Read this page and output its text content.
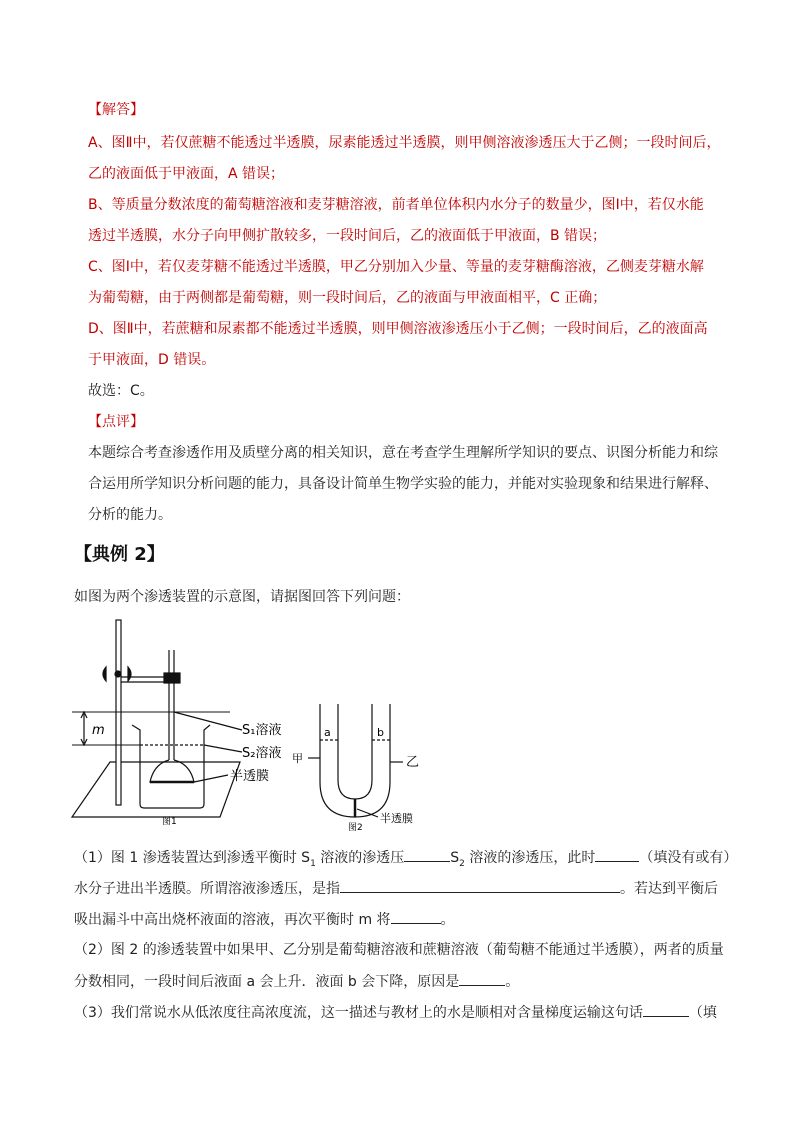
【解答】
A、图Ⅱ中，若仅蔗糖不能透过半透膜，尿素能透过半透膜，则甲侧溶液渗透压大于乙侧；一段时间后，
乙的液面低于甲液面，A 错误；
B、等质量分数浓度的葡萄糖溶液和麦芽糖溶液，前者单位体积内水分子的数量少，图Ⅰ中，若仅水能
透过半透膜，水分子向甲侧扩散较多，一段时间后，乙的液面低于甲液面，B 错误；
C、图Ⅰ中，若仅麦芽糖不能透过半透膜，甲乙分别加入少量、等量的麦芽糖酶溶液，乙侧麦芽糖水解
为葡萄糖，由于两侧都是葡萄糖，则一段时间后，乙的液面与甲液面相平，C 正确；
D、图Ⅱ中，若蔗糖和尿素都不能透过半透膜，则甲侧溶液渗透压小于乙侧；一段时间后，乙的液面高
于甲液面，D 错误。
故选：C。
【点评】
本题综合考查渗透作用及质壁分离的相关知识，意在考查学生理解所学知识的要点、识图分析能力和综
合运用所学知识分析问题的能力，具备设计简单生物学实验的能力，并能对实验现象和结果进行解释、
分析的能力。
【典例 2】
如图为两个渗透装置的示意图，请据图回答下列问题：
m	S₁溶液
S₂溶液
半透膜
图1
a	b
甲	乙
半透膜
图2
（1）图 1 渗透装置达到渗透平衡时 $S_1$ 溶液的渗透压	$S_2$ 溶液的渗透压，此时	（填没有或有）
水分子进出半透膜。所谓溶液渗透压，是指	。若达到平衡后
吸出漏斗中高出烧杯液面的溶液，再次平衡时 m 将	。
（2）图 2 的渗透装置中如果甲、乙分别是葡萄糖溶液和蔗糖溶液（葡萄糖不能通过半透膜），两者的质量
分数相同，一段时间后液面 a 会上升．液面 b 会下降，原因是	。
（3）我们常说水从低浓度往高浓度流，这一描述与教材上的水是顺相对含量梯度运输这句话	（填
